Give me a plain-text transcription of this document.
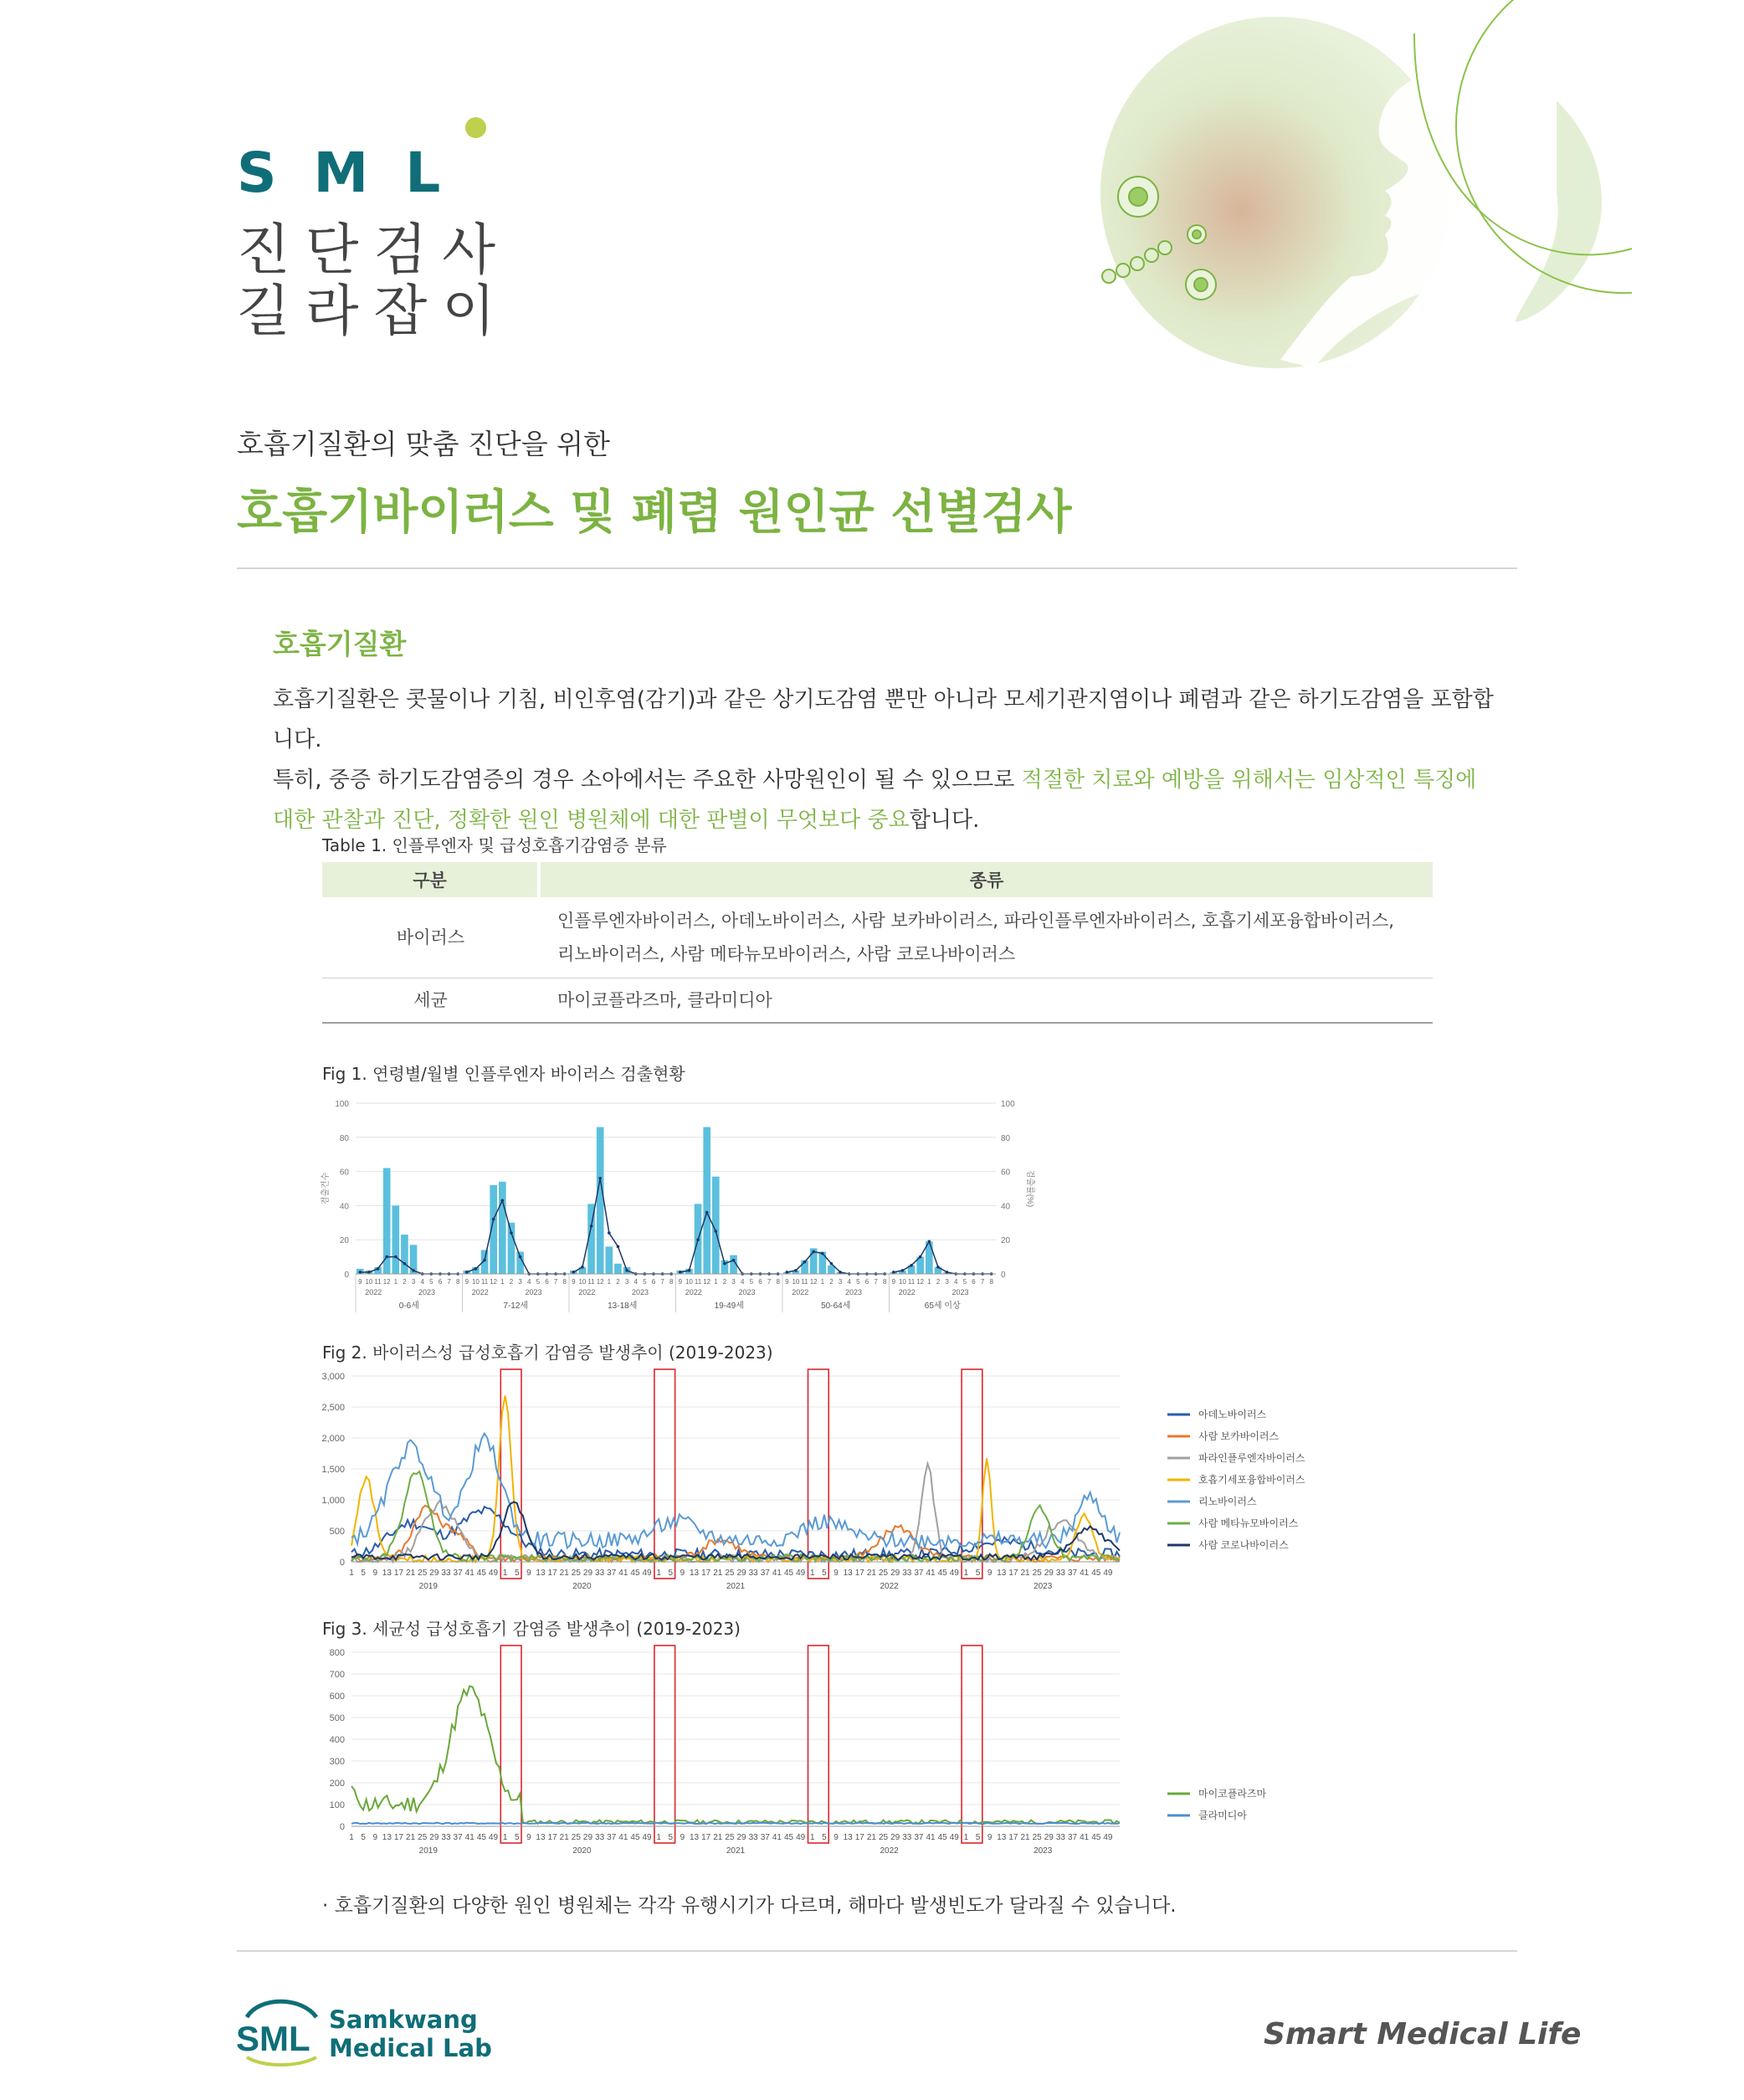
SML
진단검사
길라잡이
호흡기질환의 맞춤 진단을 위한
호흡기바이러스 및 폐렴 원인균 선별검사
호흡기질환
호흡기질환은 콧물이나 기침, 비인후염(감기)과 같은 상기도감염 뿐만 아니라 모세기관지염이나 폐렴과 같은 하기도감염을 포함합니다.
특히, 중증 하기도감염증의 경우 소아에서는 주요한 사망원인이 될 수 있으므로 적절한 치료와 예방을 위해서는 임상적인 특징에 대한 관찰과 진단, 정확한 원인 병원체에 대한 판별이 무엇보다 중요합니다.
Table 1. 인플루엔자 및 급성호흡기감염증 분류
구분	종류
바이러스	인플루엔자바이러스, 아데노바이러스, 사람 보카바이러스, 파라인플루엔자바이러스, 호흡기세포융합바이러스,
리노바이러스, 사람 메타뉴모바이러스, 사람 코로나바이러스

세균	마이코플라즈마, 클라미디아
Fig 1. 연령별/월별 인플루엔자 바이러스 검출현황
0	0
20	20
40	40
60	60
80	80
100	100
검출건수	검출률(%)
9 10 11 12 1 2 3 4 5 6 7 8
2022	2023
0-6세
9 10 11 12 1 2 3 4 5 6 7 8
2022	2023
7-12세
9 10 11 12 1 2 3 4 5 6 7 8
2022	2023
13-18세
9 10 11 12 1 2 3 4 5 6 7 8
2022	2023
19-49세
9 10 11 12 1 2 3 4 5 6 7 8
2022	2023
50-64세
9 10 11 12 1 2 3 4 5 6 7 8
2022	2023
65세 이상
Fig 2. 바이러스성 급성호흡기 감염증 발생추이 (2019-2023)
0
500
1,000
1,500
2,000
2,500
3,000
1 5 9 13 17 21 25 29 33 37 41 45 49
2019
1 5 9 13 17 21 25 29 33 37 41 45 49
2020
1 5 9 13 17 21 25 29 33 37 41 45 49
2021
1 5 9 13 17 21 25 29 33 37 41 45 49
2022
1 5 9 13 17 21 25 29 33 37 41 45 49
2023
아데노바이러스
사람 보카바이러스
파라인플루엔자바이러스
호흡기세포융합바이러스
리노바이러스
사람 메타뉴모바이러스
사람 코로나바이러스
Fig 3. 세균성 급성호흡기 감염증 발생추이 (2019-2023)
0
100
200
300
400
500
600
700
800
1 5 9 13 17 21 25 29 33 37 41 45 49
2019
1 5 9 13 17 21 25 29 33 37 41 45 49
2020
1 5 9 13 17 21 25 29 33 37 41 45 49
2021
1 5 9 13 17 21 25 29 33 37 41 45 49
2022
1 5 9 13 17 21 25 29 33 37 41 45 49
2023
마이코플라즈마
클라미디아
· 호흡기질환의 다양한 원인 병원체는 각각 유행시기가 다르며, 해마다 발생빈도가 달라질 수 있습니다.
SML Samkwang
Medical Lab	Smart Medical Life
